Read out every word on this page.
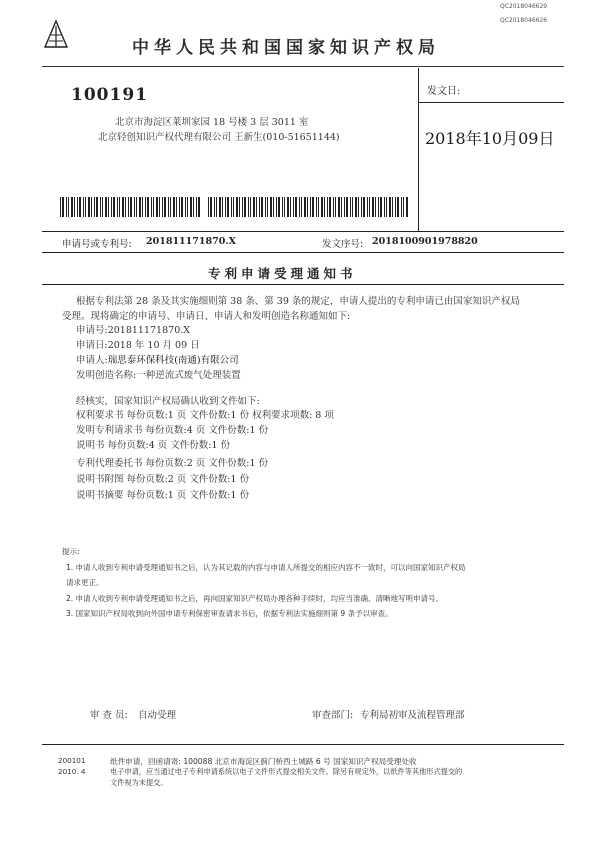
QC2018046629
QC2018046626
中华人民共和国国家知识产权局
100191
北京市海淀区莱圳家园 18 号楼 3 层 3011 室
北京轻创知识产权代理有限公司 王新生(010-51651144)
发文日:
2018年10月09日
申请号或专利号: 201811171870.X	发文序号: 2018100901978820
专利申请受理通知书
根据专利法第 28 条及其实施细则第 38 条、第 39 条的规定，申请人提出的专利申请已由国家知识产权局
受理。现将确定的申请号、申请日、申请人和发明创造名称通知如下:
申请号:201811171870.X
申请日:2018 年 10 月 09 日
申请人:瑞思泰环保科技(南通)有限公司
发明创造名称:一种逆流式废气处理装置
经核实，国家知识产权局确认收到文件如下:
权利要求书 每份页数:1 页 文件份数:1 份 权利要求项数: 8 项
发明专利请求书 每份页数:4 页 文件份数:1 份
说明书 每份页数:4 页 文件份数:1 份
专利代理委托书 每份页数:2 页 文件份数:1 份
说明书附图 每份页数:2 页 文件份数:1 份
说明书摘要 每份页数:1 页 文件份数:1 份
提示:
1. 申请人收到专利申请受理通知书之后，认为其记载的内容与申请人所提交的相应内容不一致时，可以向国家知识产权局
请求更正。
2. 申请人收到专利申请受理通知书之后，再向国家知识产权局办理各种手续时，均应当准确、清晰地写明申请号。
3. 国家知识产权局收到向外国申请专利保密审查请求书后，依据专利法实施细则第 9 条予以审查。
审 查 员: 自动受理	审查部门: 专利局初审及流程管理部
200101
2010. 4
纸件申请，回函请寄: 100088 北京市海淀区蓟门桥西土城路 6 号 国家知识产权局受理处收
电子申请，应当通过电子专利申请系统以电子文件形式提交相关文件。除另有规定外，以纸件等其他形式提交的
文件视为未提交。
